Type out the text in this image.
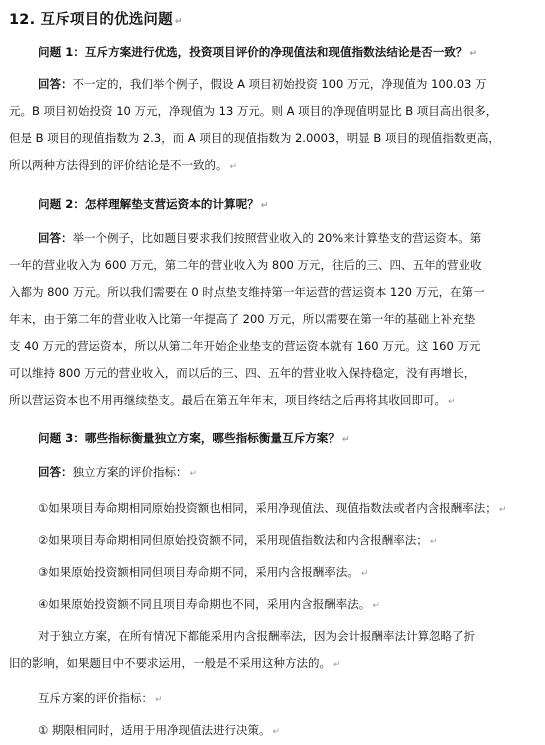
​
12. 互斥项目的优选问题 ↵
问题 1：互斥方案进行优选，投资项目评价的净现值法和现值指数法结论是否一致？ ↵
回答：不一定的，我们举个例子，假设 A 项目初始投资 100 万元，净现值为 100.03 万
元。B 项目初始投资 10 万元，净现值为 13 万元。则 A 项目的净现值明显比 B 项目高出很多，
但是 B 项目的现值指数为 2.3，而 A 项目的现值指数为 2.0003，明显 B 项目的现值指数更高，
所以两种方法得到的评价结论是不一致的。 ↵
问题 2：怎样理解垫支营运资本的计算呢？ ↵
回答：举一个例子，比如题目要求我们按照营业收入的 20%来计算垫支的营运资本。第
一年的营业收入为 600 万元，第二年的营业收入为 800 万元，往后的三、四、五年的营业收
入都为 800 万元。所以我们需要在 0 时点垫支维持第一年运营的营运资本 120 万元，在第一
年末，由于第二年的营业收入比第一年提高了 200 万元，所以需要在第一年的基础上补充垫
支 40 万元的营运资本，所以从第二年开始企业垫支的营运资本就有 160 万元。这 160 万元
可以维持 800 万元的营业收入，而以后的三、四、五年的营业收入保持稳定，没有再增长，
所以营运资本也不用再继续垫支。最后在第五年年末，项目终结之后再将其收回即可。 ↵
问题 3：哪些指标衡量独立方案，哪些指标衡量互斥方案？ ↵
回答：独立方案的评价指标： ↵
①如果项目寿命期相同原始投资额也相同，采用净现值法、现值指数法或者内含报酬率法； ↵
②如果项目寿命期相同但原始投资额不同，采用现值指数法和内含报酬率法； ↵
③如果原始投资额相同但项目寿命期不同，采用内含报酬率法。 ↵
④如果原始投资额不同且项目寿命期也不同，采用内含报酬率法。 ↵
对于独立方案，在所有情况下都能采用内含报酬率法，因为会计报酬率法计算忽略了折
旧的影响，如果题目中不要求运用，一般是不采用这种方法的。 ↵
互斥方案的评价指标： ↵
① 期限相同时，适用于用净现值法进行决策。 ↵
